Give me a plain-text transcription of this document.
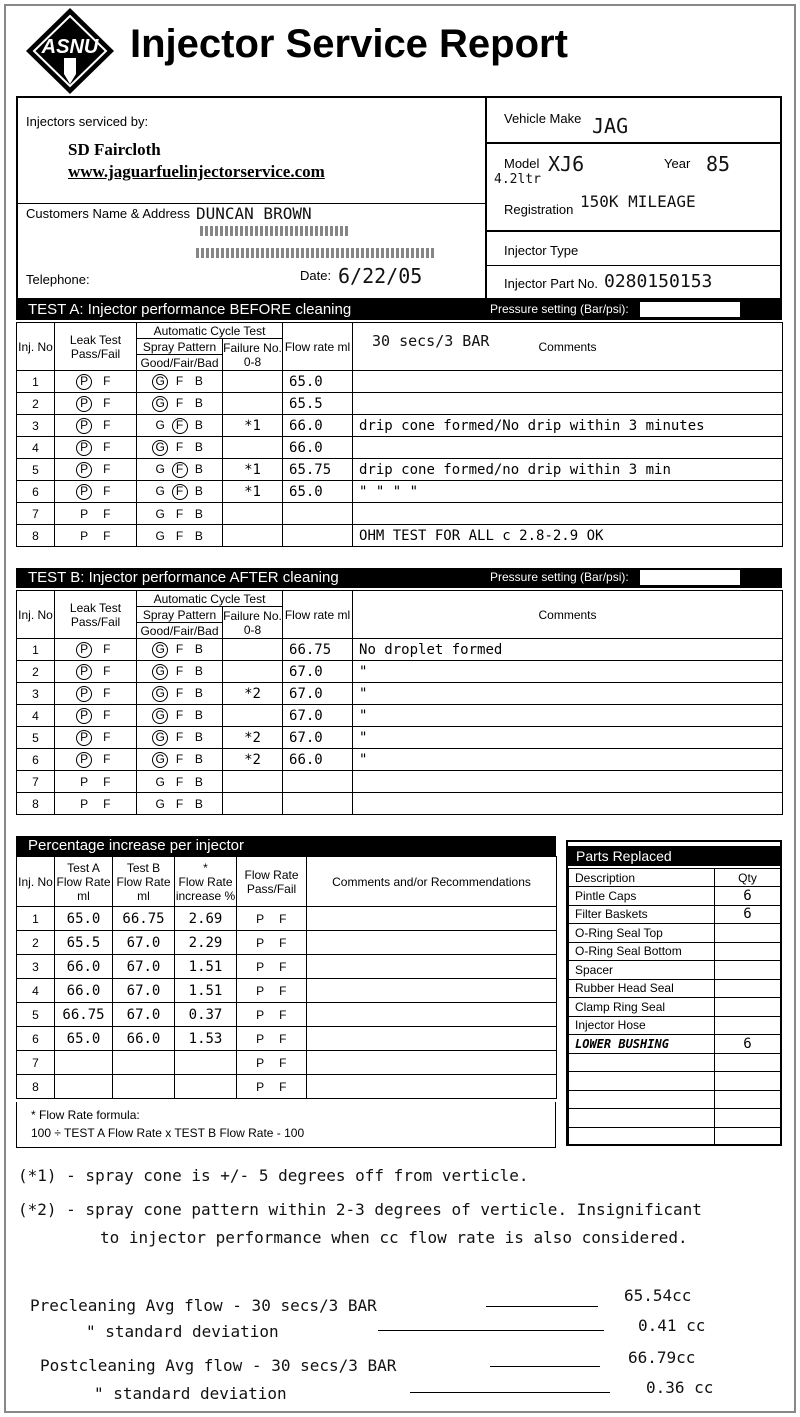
ASNU Injector Service Report
Injectors serviced by:
SD Faircloth
www.jaguarfuelinjectorservice.com
Customers Name & Address DUNCAN BROWN
Telephone:	Date: 6/22/05
Vehicle Make JAG
Model XJ6
4.2ltr
Year 85
Registration 150K MILEAGE
Injector Type
Injector Part No. 0280150153
TEST A: Injector performance BEFORE cleaning	Pressure setting (Bar/psi):
Inj. No	Leak Test Pass/Fail	Automatic Cycle Test		Flow rate ml	Comments
		Spray Pattern	Failure No. 0-8		
		Good/Fair/Bad			
1	P F	G F B		65.0	
2	P F	G F B		65.5	
3	P F	G F B	*1	66.0	drip cone formed/No drip within 3 minutes
4	P F	G F B		66.0	
5	P F	G F B	*1	65.75	drip cone formed/no drip within 3 min
6	P F	G F B	*1	65.0	" " " "
7	P F	G F B			
8	P F	G F B			OHM TEST FOR ALL c 2.8-2.9 OK
30 secs/3 BAR
TEST B: Injector performance AFTER cleaning	Pressure setting (Bar/psi):
Inj. No	Leak Test Pass/Fail	Automatic Cycle Test		Flow rate ml	Comments
		Spray Pattern	Failure No. 0-8		
		Good/Fair/Bad			
1	P F	G F B		66.75	No droplet formed
2	P F	G F B		67.0	"
3	P F	G F B	*2	67.0	"
4	P F	G F B		67.0	"
5	P F	G F B	*2	67.0	"
6	P F	G F B	*2	66.0	"
7	P F	G F B			
8	P F	G F B			
Percentage increase per injector
Inj. No	Test A Flow Rate ml	Test B Flow Rate ml	*
Flow Rate increase %	Flow Rate Pass/Fail	Comments and/or Recommendations
1	65.0	66.75	2.69	P F	
2	65.5	67.0	2.29	P F	
3	66.0	67.0	1.51	P F	
4	66.0	67.0	1.51	P F	
5	66.75	67.0	0.37	P F	
6	65.0	66.0	1.53	P F	
7				P F	
8				P F	
* Flow Rate formula:
100 ÷ TEST A Flow Rate x TEST B Flow Rate - 100
Parts Replaced
Description	Qty
Pintle Caps	6
Filter Baskets	6
O-Ring Seal Top	
O-Ring Seal Bottom	
Spacer	
Rubber Head Seal	
Clamp Ring Seal	
Injector Hose	
LOWER BUSHING	6

(*1) - spray cone is +/- 5 degrees off from verticle.
(*2) - spray cone pattern within 2-3 degrees of verticle. Insignificant
to injector performance when cc flow rate is also considered.
Precleaning Avg flow - 30 secs/3 BAR
65.54cc
" standard deviation	0.41 cc
Postcleaning Avg flow - 30 secs/3 BAR	66.79cc
" standard deviation	0.36 cc
